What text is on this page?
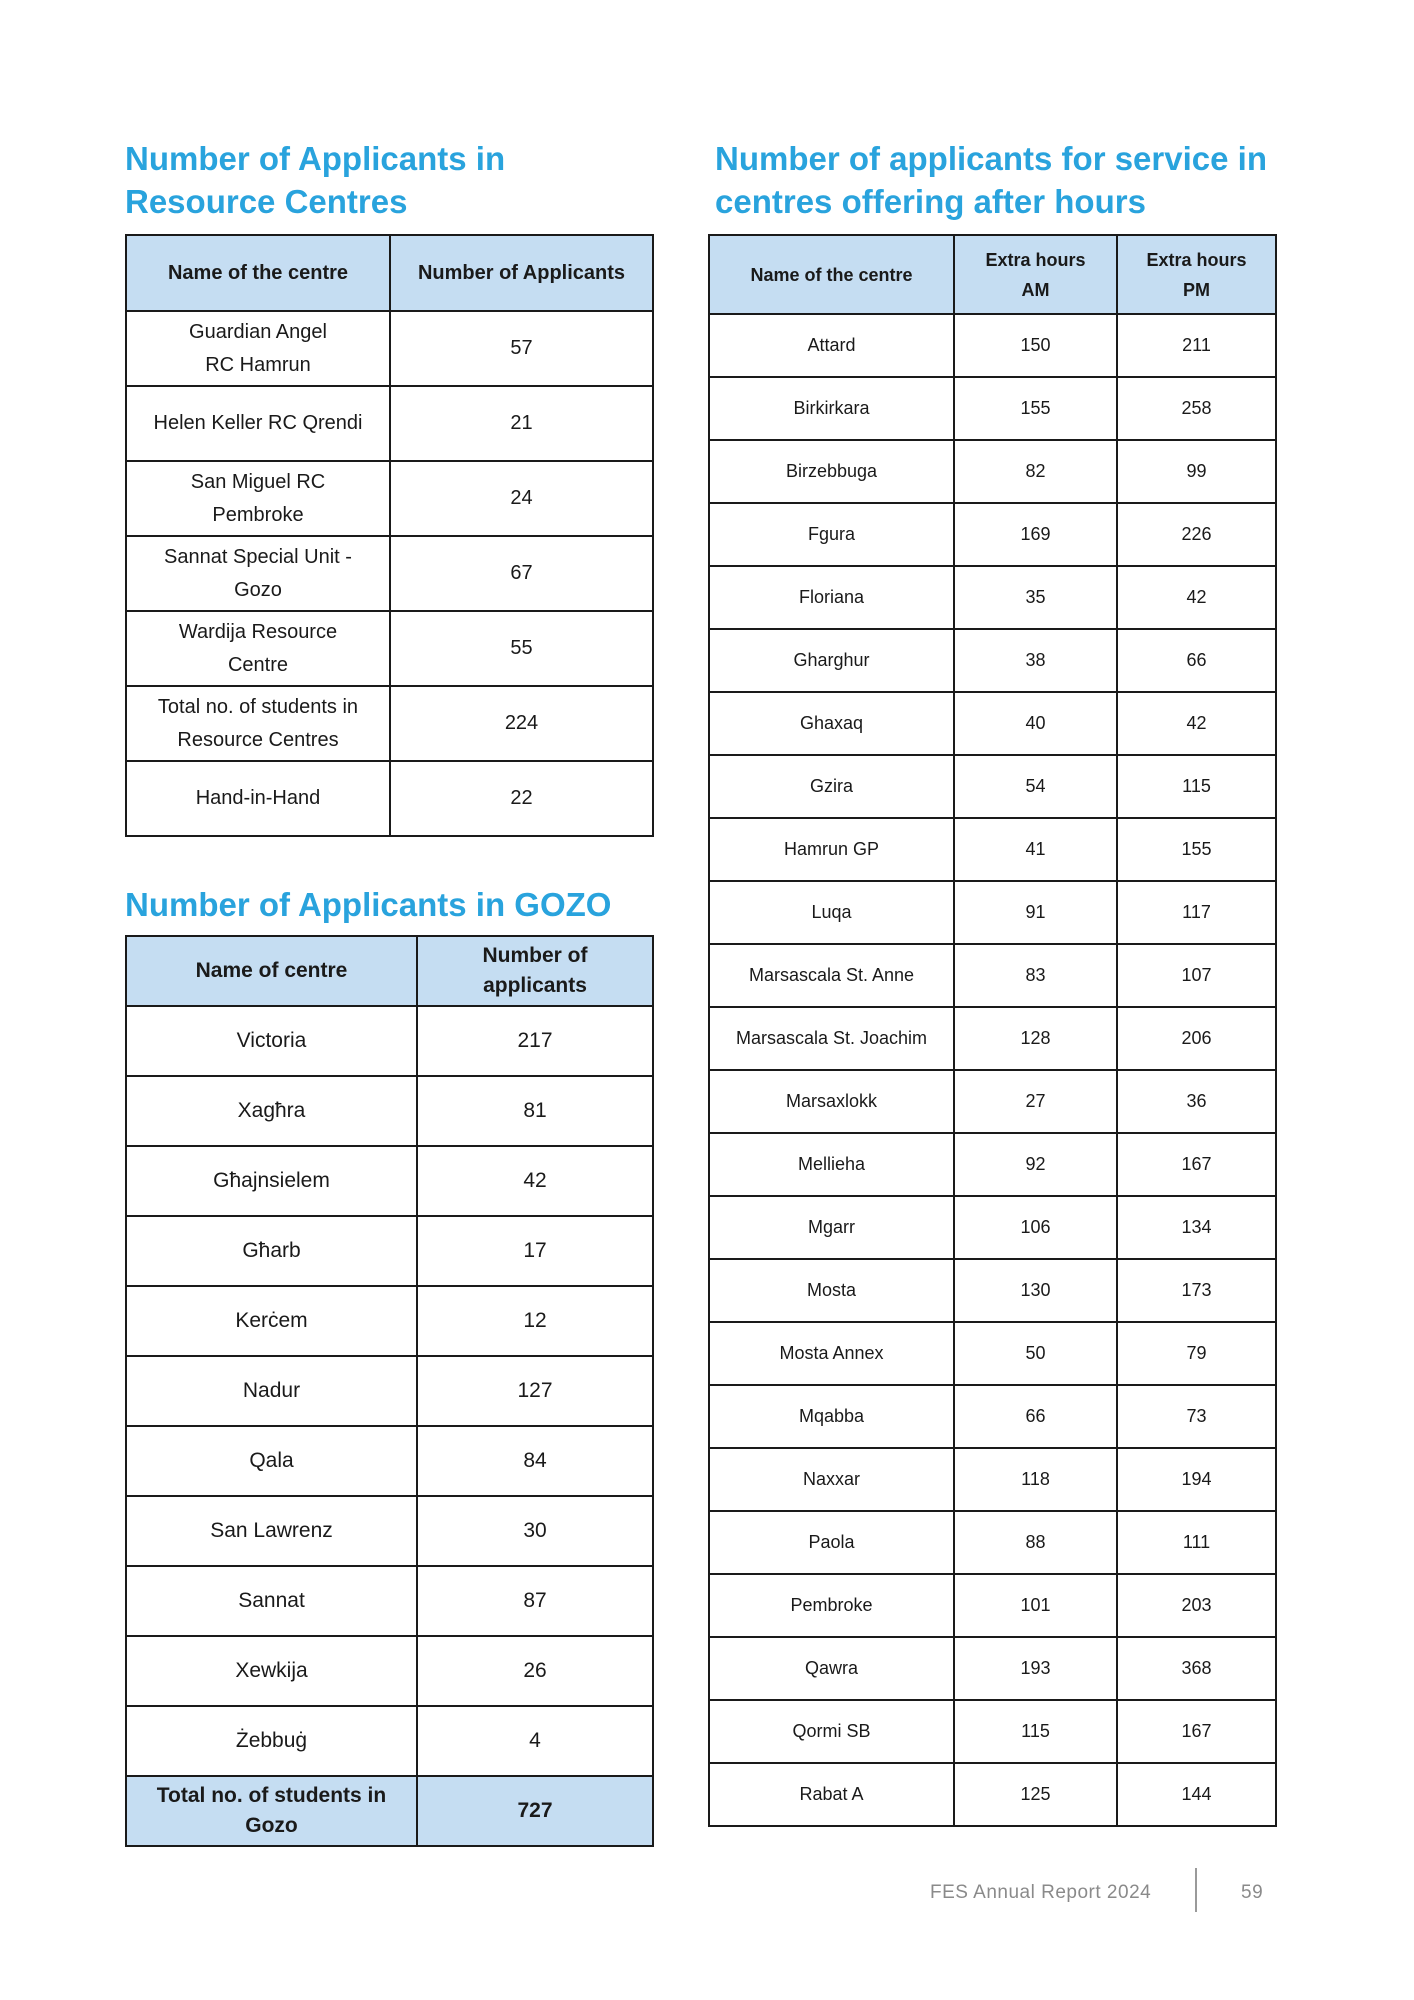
Number of Applicants in Resource Centres
Name of the centre	Number of Applicants
Guardian Angel RC Hamrun	57
Helen Keller RC Qrendi	21
San Miguel RC Pembroke	24
Sannat Special Unit - Gozo	67
Wardija Resource Centre	55
Total no. of students in Resource Centres	224
Hand-in-Hand	22
Number of Applicants in GOZO
Name of centre	Number of applicants
Victoria	217
Xagħra	81
Għajnsielem	42
Għarb	17
Kerċem	12
Nadur	127
Qala	84
San Lawrenz	30
Sannat	87
Xewkija	26
Żebbuġ	4
Total no. of students in Gozo	727
Number of applicants for service in centres offering after hours
Name of the centre	Extra hours AM	Extra hours PM
Attard	150	211
Birkirkara	155	258
Birzebbuga	82	99
Fgura	169	226
Floriana	35	42
Gharghur	38	66
Ghaxaq	40	42
Gzira	54	115
Hamrun GP	41	155
Luqa	91	117
Marsascala St. Anne	83	107
Marsascala St. Joachim	128	206
Marsaxlokk	27	36
Mellieha	92	167
Mgarr	106	134
Mosta	130	173
Mosta Annex	50	79
Mqabba	66	73
Naxxar	118	194
Paola	88	111
Pembroke	101	203
Qawra	193	368
Qormi SB	115	167
Rabat A	125	144
FES Annual Report 2024	59
